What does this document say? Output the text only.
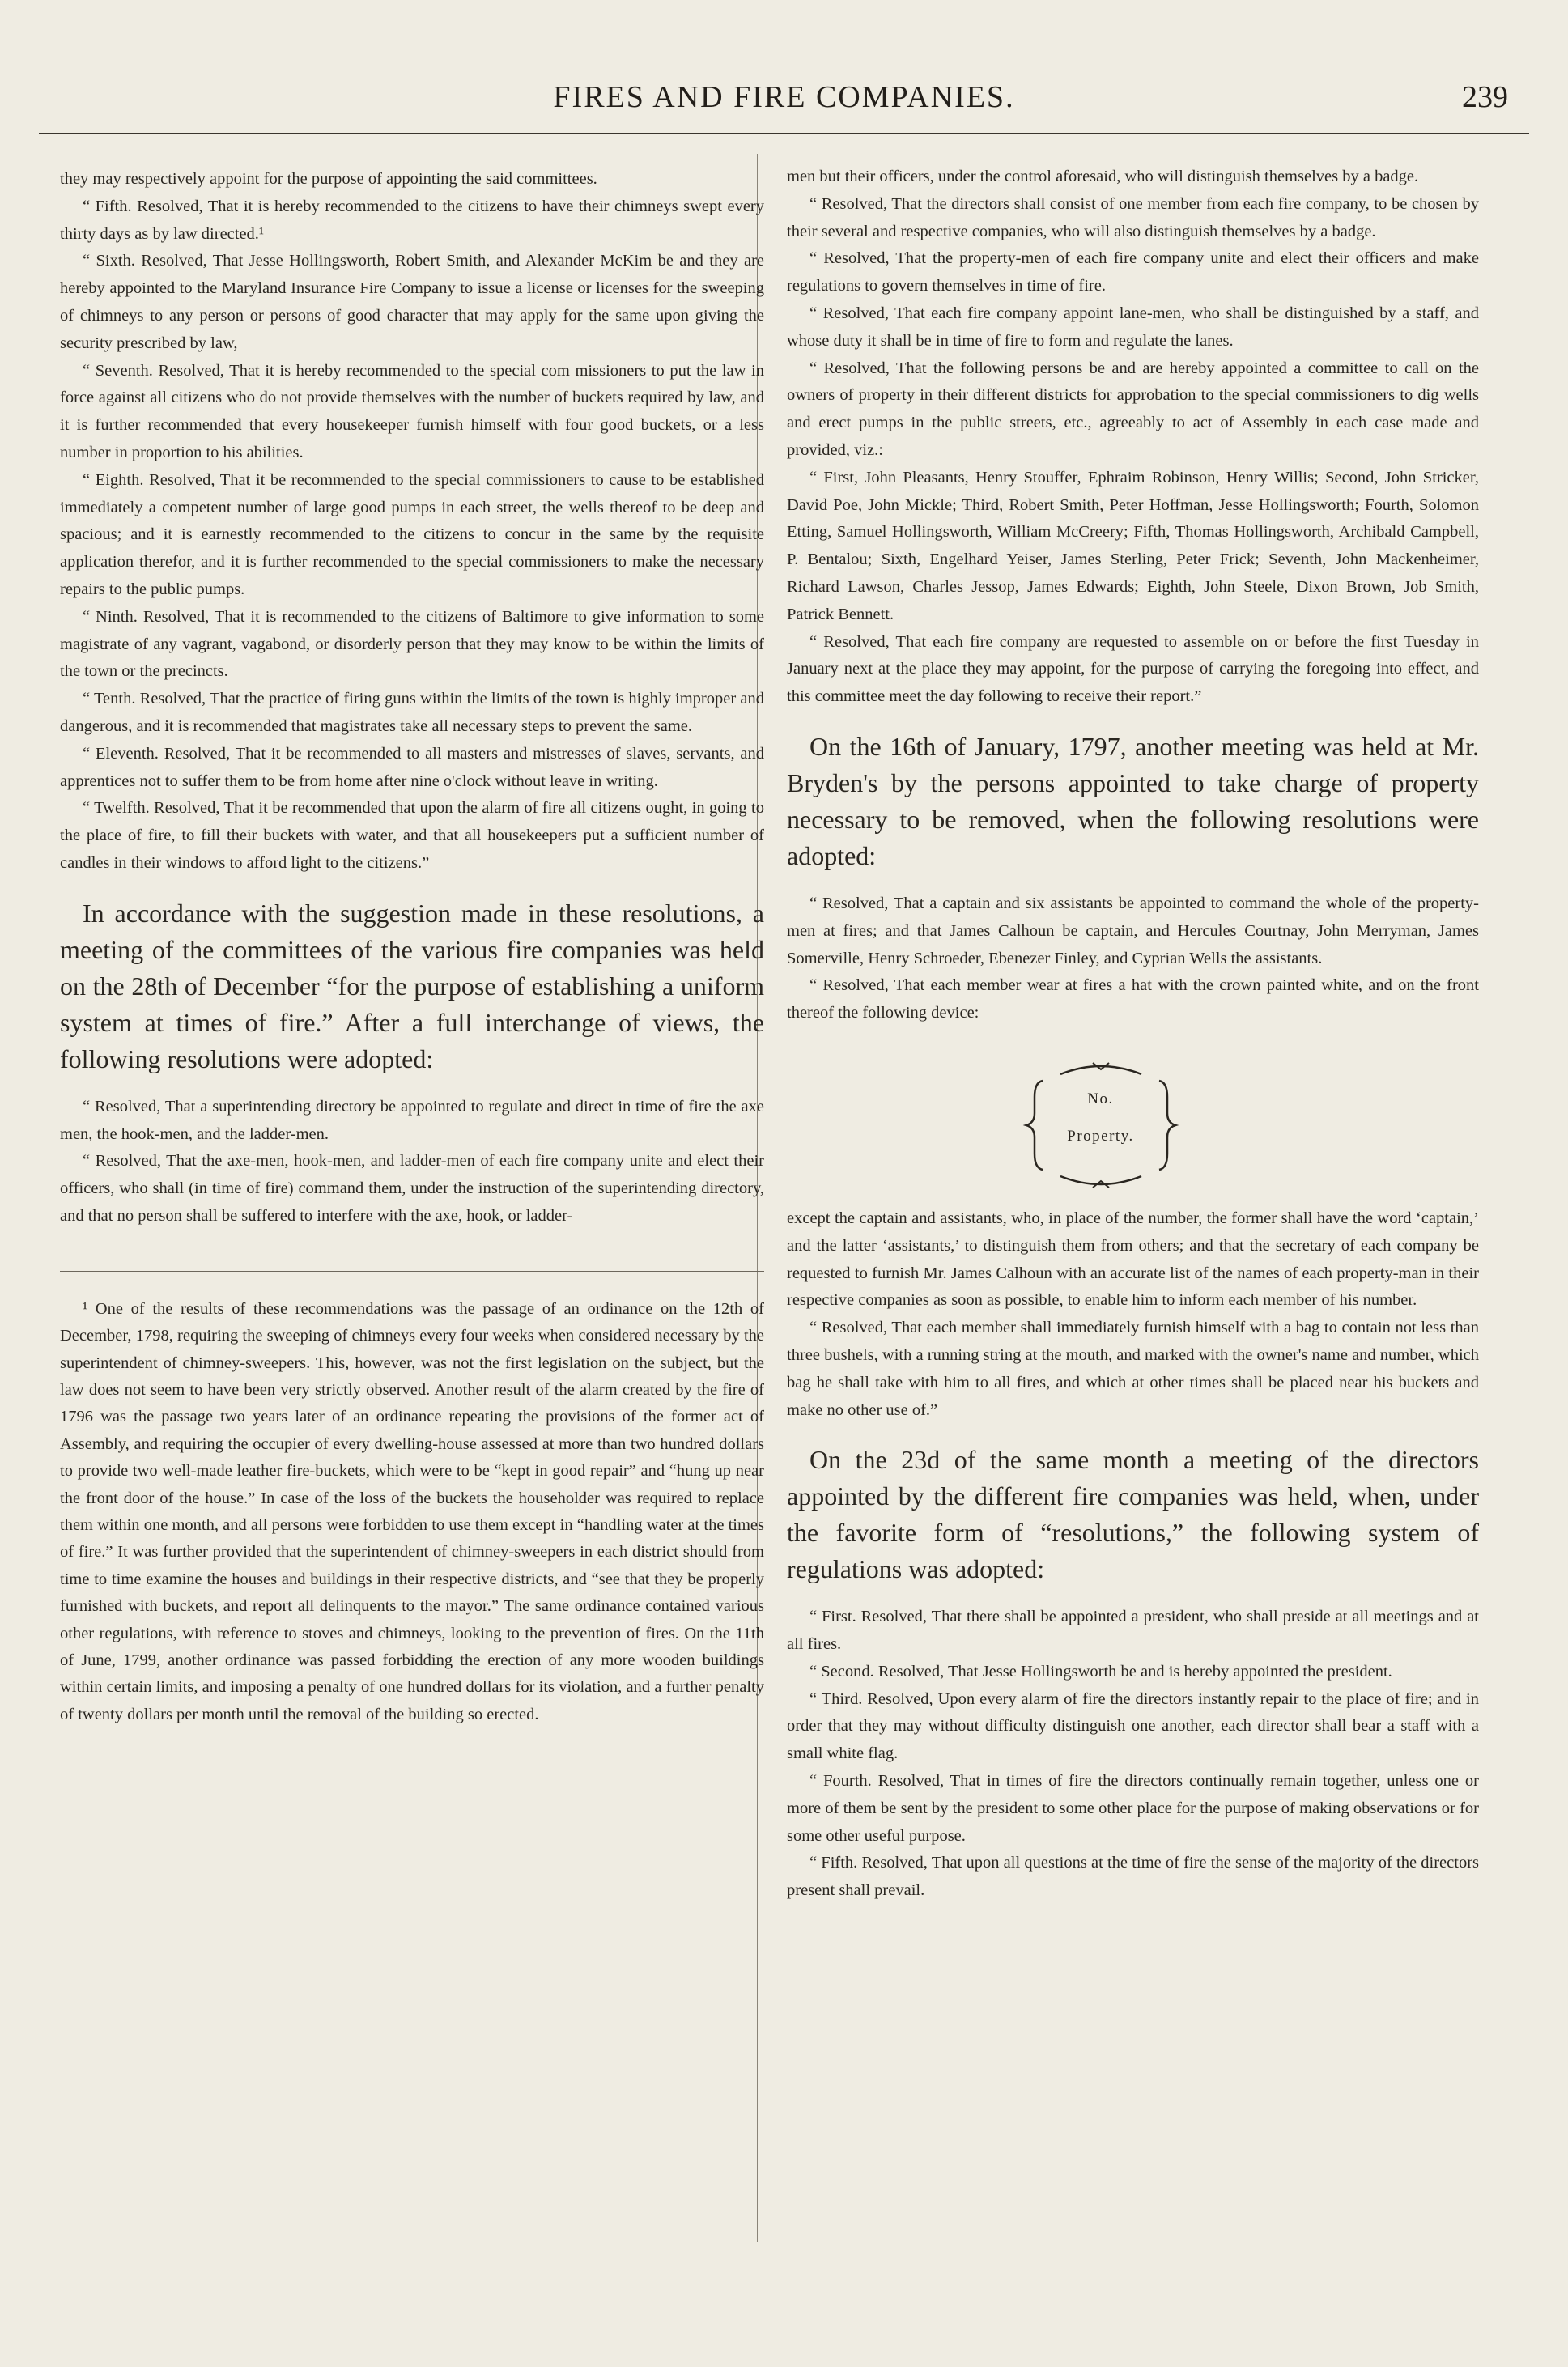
FIRES AND FIRE COMPANIES.	239

they may respectively appoint for the purpose of appointing the said committees.

“ Fifth. Resolved, That it is hereby recommended to the citizens to have their chimneys swept every thirty days as by law directed.¹

“ Sixth. Resolved, That Jesse Hollingsworth, Robert Smith, and Alexander McKim be and they are hereby appointed to the Maryland Insurance Fire Company to issue a license or licenses for the sweeping of chimneys to any person or persons of good character that may apply for the same upon giving the security prescribed by law,

“ Seventh. Resolved, That it is hereby recommended to the special com missioners to put the law in force against all citizens who do not provide themselves with the number of buckets required by law, and it is further recommended that every housekeeper furnish himself with four good buckets, or a less number in proportion to his abilities.

“ Eighth. Resolved, That it be recommended to the special commissioners to cause to be established immediately a competent number of large good pumps in each street, the wells thereof to be deep and spacious; and it is earnestly recommended to the citizens to concur in the same by the requisite application therefor, and it is further recommended to the special commissioners to make the necessary repairs to the public pumps.

“ Ninth. Resolved, That it is recommended to the citizens of Baltimore to give information to some magistrate of any vagrant, vagabond, or disorderly person that they may know to be within the limits of the town or the precincts.

“ Tenth. Resolved, That the practice of firing guns within the limits of the town is highly improper and dangerous, and it is recommended that magistrates take all necessary steps to prevent the same.

“ Eleventh. Resolved, That it be recommended to all masters and mistresses of slaves, servants, and apprentices not to suffer them to be from home after nine o'clock without leave in writing.

“ Twelfth. Resolved, That it be recommended that upon the alarm of fire all citizens ought, in going to the place of fire, to fill their buckets with water, and that all housekeepers put a sufficient number of candles in their windows to afford light to the citizens.”

In accordance with the suggestion made in these resolutions, a meeting of the committees of the various fire companies was held on the 28th of December “for the purpose of establishing a uniform system at times of fire.” After a full interchange of views, the following resolutions were adopted:

“ Resolved, That a superintending directory be appointed to regulate and direct in time of fire the axe men, the hook-men, and the ladder-men.

“ Resolved, That the axe-men, hook-men, and ladder-men of each fire company unite and elect their officers, who shall (in time of fire) command them, under the instruction of the superintending directory, and that no person shall be suffered to interfere with the axe, hook, or ladder-

¹ One of the results of these recommendations was the passage of an ordinance on the 12th of December, 1798, requiring the sweeping of chimneys every four weeks when considered necessary by the superintendent of chimney-sweepers. This, however, was not the first legislation on the subject, but the law does not seem to have been very strictly observed. Another result of the alarm created by the fire of 1796 was the passage two years later of an ordinance repeating the provisions of the former act of Assembly, and requiring the occupier of every dwelling-house assessed at more than two hundred dollars to provide two well-made leather fire-buckets, which were to be “kept in good repair” and “hung up near the front door of the house.” In case of the loss of the buckets the householder was required to replace them within one month, and all persons were forbidden to use them except in “handling water at the times of fire.” It was further provided that the superintendent of chimney-sweepers in each district should from time to time examine the houses and buildings in their respective districts, and “see that they be properly furnished with buckets, and report all delinquents to the mayor.” The same ordinance contained various other regulations, with reference to stoves and chimneys, looking to the prevention of fires. On the 11th of June, 1799, another ordinance was passed forbidding the erection of any more wooden buildings within certain limits, and imposing a penalty of one hundred dollars for its violation, and a further penalty of twenty dollars per month until the removal of the building so erected.

men but their officers, under the control aforesaid, who will distinguish themselves by a badge.

“ Resolved, That the directors shall consist of one member from each fire company, to be chosen by their several and respective companies, who will also distinguish themselves by a badge.

“ Resolved, That the property-men of each fire company unite and elect their officers and make regulations to govern themselves in time of fire.

“ Resolved, That each fire company appoint lane-men, who shall be distinguished by a staff, and whose duty it shall be in time of fire to form and regulate the lanes.

“ Resolved, That the following persons be and are hereby appointed a committee to call on the owners of property in their different districts for approbation to the special commissioners to dig wells and erect pumps in the public streets, etc., agreeably to act of Assembly in each case made and provided, viz.:

“ First, John Pleasants, Henry Stouffer, Ephraim Robinson, Henry Willis; Second, John Stricker, David Poe, John Mickle; Third, Robert Smith, Peter Hoffman, Jesse Hollingsworth; Fourth, Solomon Etting, Samuel Hollingsworth, William McCreery; Fifth, Thomas Hollingsworth, Archibald Campbell, P. Bentalou; Sixth, Engelhard Yeiser, James Sterling, Peter Frick; Seventh, John Mackenheimer, Richard Lawson, Charles Jessop, James Edwards; Eighth, John Steele, Dixon Brown, Job Smith, Patrick Bennett.

“ Resolved, That each fire company are requested to assemble on or before the first Tuesday in January next at the place they may appoint, for the purpose of carrying the foregoing into effect, and this committee meet the day following to receive their report.”

On the 16th of January, 1797, another meeting was held at Mr. Bryden's by the persons appointed to take charge of property necessary to be removed, when the following resolutions were adopted:

“ Resolved, That a captain and six assistants be appointed to command the whole of the property-men at fires; and that James Calhoun be captain, and Hercules Courtnay, John Merryman, James Somerville, Henry Schroeder, Ebenezer Finley, and Cyprian Wells the assistants.

“ Resolved, That each member wear at fires a hat with the crown painted white, and on the front thereof the following device:

No.
Property.

except the captain and assistants, who, in place of the number, the former shall have the word ‘captain,’ and the latter ‘assistants,’ to distinguish them from others; and that the secretary of each company be requested to furnish Mr. James Calhoun with an accurate list of the names of each property-man in their respective companies as soon as possible, to enable him to inform each member of his number.

“ Resolved, That each member shall immediately furnish himself with a bag to contain not less than three bushels, with a running string at the mouth, and marked with the owner's name and number, which bag he shall take with him to all fires, and which at other times shall be placed near his buckets and make no other use of.”

On the 23d of the same month a meeting of the directors appointed by the different fire companies was held, when, under the favorite form of “resolutions,” the following system of regulations was adopted:

“ First. Resolved, That there shall be appointed a president, who shall preside at all meetings and at all fires.

“ Second. Resolved, That Jesse Hollingsworth be and is hereby appointed the president.

“ Third. Resolved, Upon every alarm of fire the directors instantly repair to the place of fire; and in order that they may without difficulty distinguish one another, each director shall bear a staff with a small white flag.

“ Fourth. Resolved, That in times of fire the directors continually remain together, unless one or more of them be sent by the president to some other place for the purpose of making observations or for some other useful purpose.

“ Fifth. Resolved, That upon all questions at the time of fire the sense of the majority of the directors present shall prevail.
